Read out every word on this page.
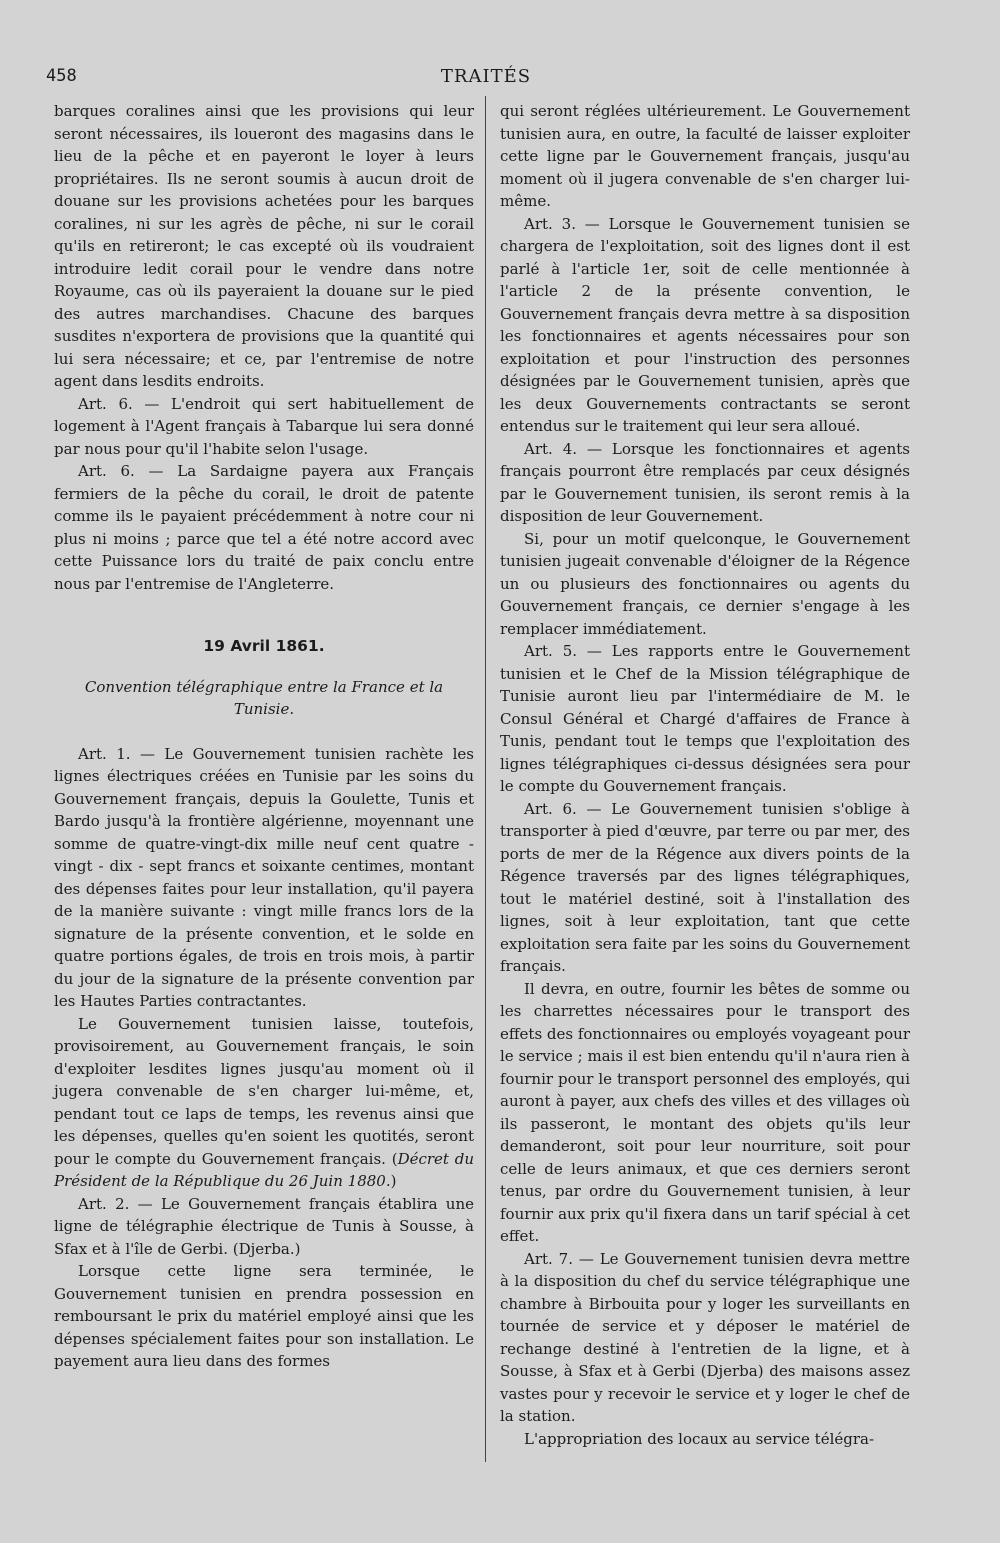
458	TRAITÉS

barques coralines ainsi que les provisions qui leur seront nécessaires, ils loueront des magasins dans le lieu de la pêche et en payeront le loyer à leurs propriétaires. Ils ne seront soumis à aucun droit de douane sur les provisions achetées pour les barques coralines, ni sur les agrès de pêche, ni sur le corail qu'ils en retireront; le cas excepté où ils voudraient introduire ledit corail pour le vendre dans notre Royaume, cas où ils payeraient la douane sur le pied des autres marchandises. Chacune des barques susdites n'exportera de provisions que la quantité qui lui sera nécessaire; et ce, par l'entremise de notre agent dans lesdits endroits.

Art. 6. — L'endroit qui sert habituellement de logement à l'Agent français à Tabarque lui sera donné par nous pour qu'il l'habite selon l'usage.

Art. 6. — La Sardaigne payera aux Français fermiers de la pêche du corail, le droit de patente comme ils le payaient précédemment à notre cour ni plus ni moins ; parce que tel a été notre accord avec cette Puissance lors du traité de paix conclu entre nous par l'entremise de l'Angleterre.

19 Avril 1861.
Convention télégraphique entre la France et la Tunisie.

Art. 1. — Le Gouvernement tunisien rachète les lignes électriques créées en Tunisie par les soins du Gouvernement français, depuis la Goulette, Tunis et Bardo jusqu'à la frontière algérienne, moyennant une somme de quatre-vingt-dix mille neuf cent quatre - vingt - dix - sept francs et soixante centimes, montant des dépenses faites pour leur installation, qu'il payera de la manière suivante : vingt mille francs lors de la signature de la présente convention, et le solde en quatre portions égales, de trois en trois mois, à partir du jour de la signature de la présente convention par les Hautes Parties contractantes.

Le Gouvernement tunisien laisse, toutefois, provisoirement, au Gouvernement français, le soin d'exploiter lesdites lignes jusqu'au moment où il jugera convenable de s'en charger lui-même, et, pendant tout ce laps de temps, les revenus ainsi que les dépenses, quelles qu'en soient les quotités, seront pour le compte du Gouvernement français. (Décret du Président de la République du 26 Juin 1880.)

Art. 2. — Le Gouvernement français établira une ligne de télégraphie électrique de Tunis à Sousse, à Sfax et à l'île de Gerbi. (Djerba.)

Lorsque cette ligne sera terminée, le Gouvernement tunisien en prendra possession en remboursant le prix du matériel employé ainsi que les dépenses spécialement faites pour son installation. Le payement aura lieu dans des formes

qui seront réglées ultérieurement. Le Gouvernement tunisien aura, en outre, la faculté de laisser exploiter cette ligne par le Gouvernement français, jusqu'au moment où il jugera convenable de s'en charger lui-même.

Art. 3. — Lorsque le Gouvernement tunisien se chargera de l'exploitation, soit des lignes dont il est parlé à l'article 1er, soit de celle mentionnée à l'article 2 de la présente convention, le Gouvernement français devra mettre à sa disposition les fonctionnaires et agents nécessaires pour son exploitation et pour l'instruction des personnes désignées par le Gouvernement tunisien, après que les deux Gouvernements contractants se seront entendus sur le traitement qui leur sera alloué.

Art. 4. — Lorsque les fonctionnaires et agents français pourront être remplacés par ceux désignés par le Gouvernement tunisien, ils seront remis à la disposition de leur Gouvernement.

Si, pour un motif quelconque, le Gouvernement tunisien jugeait convenable d'éloigner de la Régence un ou plusieurs des fonctionnaires ou agents du Gouvernement français, ce dernier s'engage à les remplacer immédiatement.

Art. 5. — Les rapports entre le Gouvernement tunisien et le Chef de la Mission télégraphique de Tunisie auront lieu par l'intermédiaire de M. le Consul Général et Chargé d'affaires de France à Tunis, pendant tout le temps que l'exploitation des lignes télégraphiques ci-dessus désignées sera pour le compte du Gouvernement français.

Art. 6. — Le Gouvernement tunisien s'oblige à transporter à pied d'œuvre, par terre ou par mer, des ports de mer de la Régence aux divers points de la Régence traversés par des lignes télégraphiques, tout le matériel destiné, soit à l'installation des lignes, soit à leur exploitation, tant que cette exploitation sera faite par les soins du Gouvernement français.

Il devra, en outre, fournir les bêtes de somme ou les charrettes nécessaires pour le transport des effets des fonctionnaires ou employés voyageant pour le service ; mais il est bien entendu qu'il n'aura rien à fournir pour le transport personnel des employés, qui auront à payer, aux chefs des villes et des villages où ils passeront, le montant des objets qu'ils leur demanderont, soit pour leur nourriture, soit pour celle de leurs animaux, et que ces derniers seront tenus, par ordre du Gouvernement tunisien, à leur fournir aux prix qu'il fixera dans un tarif spécial à cet effet.

Art. 7. — Le Gouvernement tunisien devra mettre à la disposition du chef du service télégraphique une chambre à Birbouita pour y loger les surveillants en tournée de service et y déposer le matériel de rechange destiné à l'entretien de la ligne, et à Sousse, à Sfax et à Gerbi (Djerba) des maisons assez vastes pour y recevoir le service et y loger le chef de la station.

L'appropriation des locaux au service télégra-
